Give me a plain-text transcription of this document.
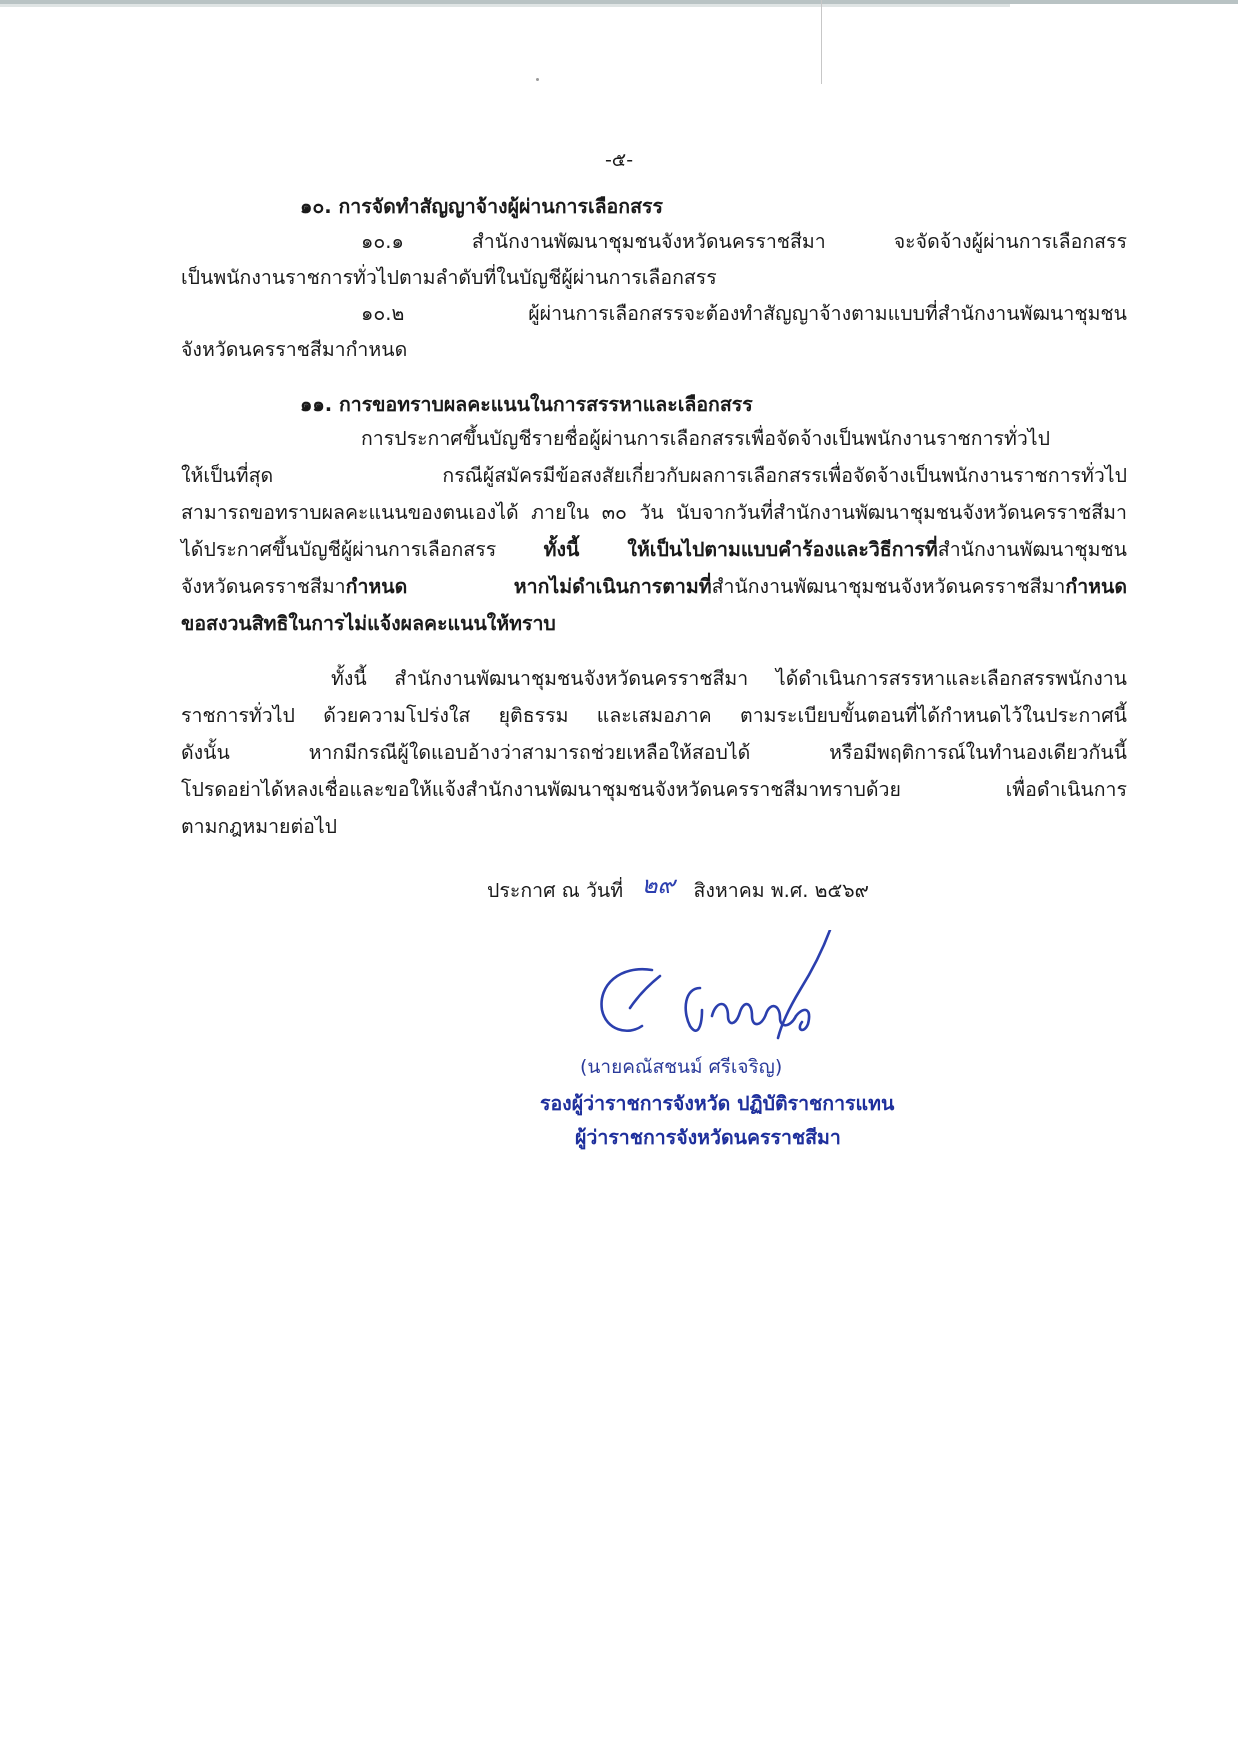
-๕-
๑๐. การจัดทำสัญญาจ้างผู้ผ่านการเลือกสรร
๑๐.๑ สำนักงานพัฒนาชุมชนจังหวัดนครราชสีมา จะจัดจ้างผู้ผ่านการเลือกสรร
เป็นพนักงานราชการทั่วไปตามลำดับที่ในบัญชีผู้ผ่านการเลือกสรร
๑๐.๒ ผู้ผ่านการเลือกสรรจะต้องทำสัญญาจ้างตามแบบที่สำนักงานพัฒนาชุมชน
จังหวัดนครราชสีมากำหนด
๑๑. การขอทราบผลคะแนนในการสรรหาและเลือกสรร
การประกาศขึ้นบัญชีรายชื่อผู้ผ่านการเลือกสรรเพื่อจัดจ้างเป็นพนักงานราชการทั่วไป
ให้เป็นที่สุด กรณีผู้สมัครมีข้อสงสัยเกี่ยวกับผลการเลือกสรรเพื่อจัดจ้างเป็นพนักงานราชการทั่วไป
สามารถขอทราบผลคะแนนของตนเองได้ ภายใน ๓๐ วัน นับจากวันที่สำนักงานพัฒนาชุมชนจังหวัดนครราชสีมา
ได้ประกาศขึ้นบัญชีผู้ผ่านการเลือกสรร ทั้งนี้ ให้เป็นไปตามแบบคำร้องและวิธีการที่สำนักงานพัฒนาชุมชน
จังหวัดนครราชสีมากำหนด หากไม่ดำเนินการตามที่สำนักงานพัฒนาชุมชนจังหวัดนครราชสีมากำหนด
ขอสงวนสิทธิในการไม่แจ้งผลคะแนนให้ทราบ
ทั้งนี้ สำนักงานพัฒนาชุมชนจังหวัดนครราชสีมา ได้ดำเนินการสรรหาและเลือกสรรพนักงาน
ราชการทั่วไป ด้วยความโปร่งใส ยุติธรรม และเสมอภาค ตามระเบียบขั้นตอนที่ได้กำหนดไว้ในประกาศนี้
ดังนั้น หากมีกรณีผู้ใดแอบอ้างว่าสามารถช่วยเหลือให้สอบได้ หรือมีพฤติการณ์ในทำนองเดียวกันนี้
โปรดอย่าได้หลงเชื่อและขอให้แจ้งสำนักงานพัฒนาชุมชนจังหวัดนครราชสีมาทราบด้วย เพื่อดำเนินการ
ตามกฎหมายต่อไป
ประกาศ ณ วันที่ ๒๙ สิงหาคม พ.ศ. ๒๕๖๙
(นายคณัสชนม์ ศรีเจริญ)
รองผู้ว่าราชการจังหวัด ปฏิบัติราชการแทน
ผู้ว่าราชการจังหวัดนครราชสีมา
